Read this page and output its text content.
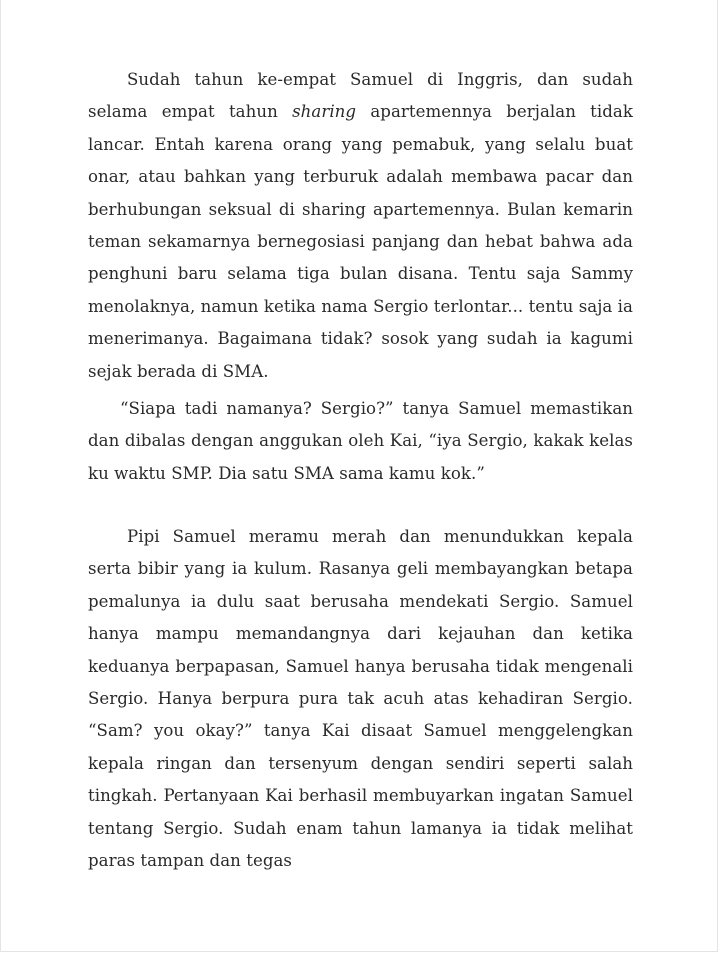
Sudah tahun ke-empat Samuel di Inggris, dan sudah selama empat tahun sharing apartemennya berjalan tidak lancar. Entah karena orang yang pemabuk, yang selalu buat onar, atau bahkan yang terburuk adalah membawa pacar dan berhubungan seksual di sharing apartemennya. Bulan kemarin teman sekamarnya bernegosiasi panjang dan hebat bahwa ada penghuni baru selama tiga bulan disana. Tentu saja Sammy menolaknya, namun ketika nama Sergio terlontar... tentu saja ia menerimanya. Bagaimana tidak? sosok yang sudah ia kagumi sejak berada di SMA.

“Siapa tadi namanya? Sergio?” tanya Samuel memastikan dan dibalas dengan anggukan oleh Kai, “iya Sergio, kakak kelas ku waktu SMP. Dia satu SMA sama kamu kok.”

Pipi Samuel meramu merah dan menundukkan kepala serta bibir yang ia kulum. Rasanya geli membayangkan betapa pemalunya ia dulu saat berusaha mendekati Sergio. Samuel hanya mampu memandangnya dari kejauhan dan ketika keduanya berpapasan, Samuel hanya berusaha tidak mengenali Sergio. Hanya berpura pura tak acuh atas kehadiran Sergio. “Sam? you okay?” tanya Kai disaat Samuel menggelengkan kepala ringan dan tersenyum dengan sendiri seperti salah tingkah. Pertanyaan Kai berhasil membuyarkan ingatan Samuel tentang Sergio. Sudah enam tahun lamanya ia tidak melihat paras tampan dan tegas
